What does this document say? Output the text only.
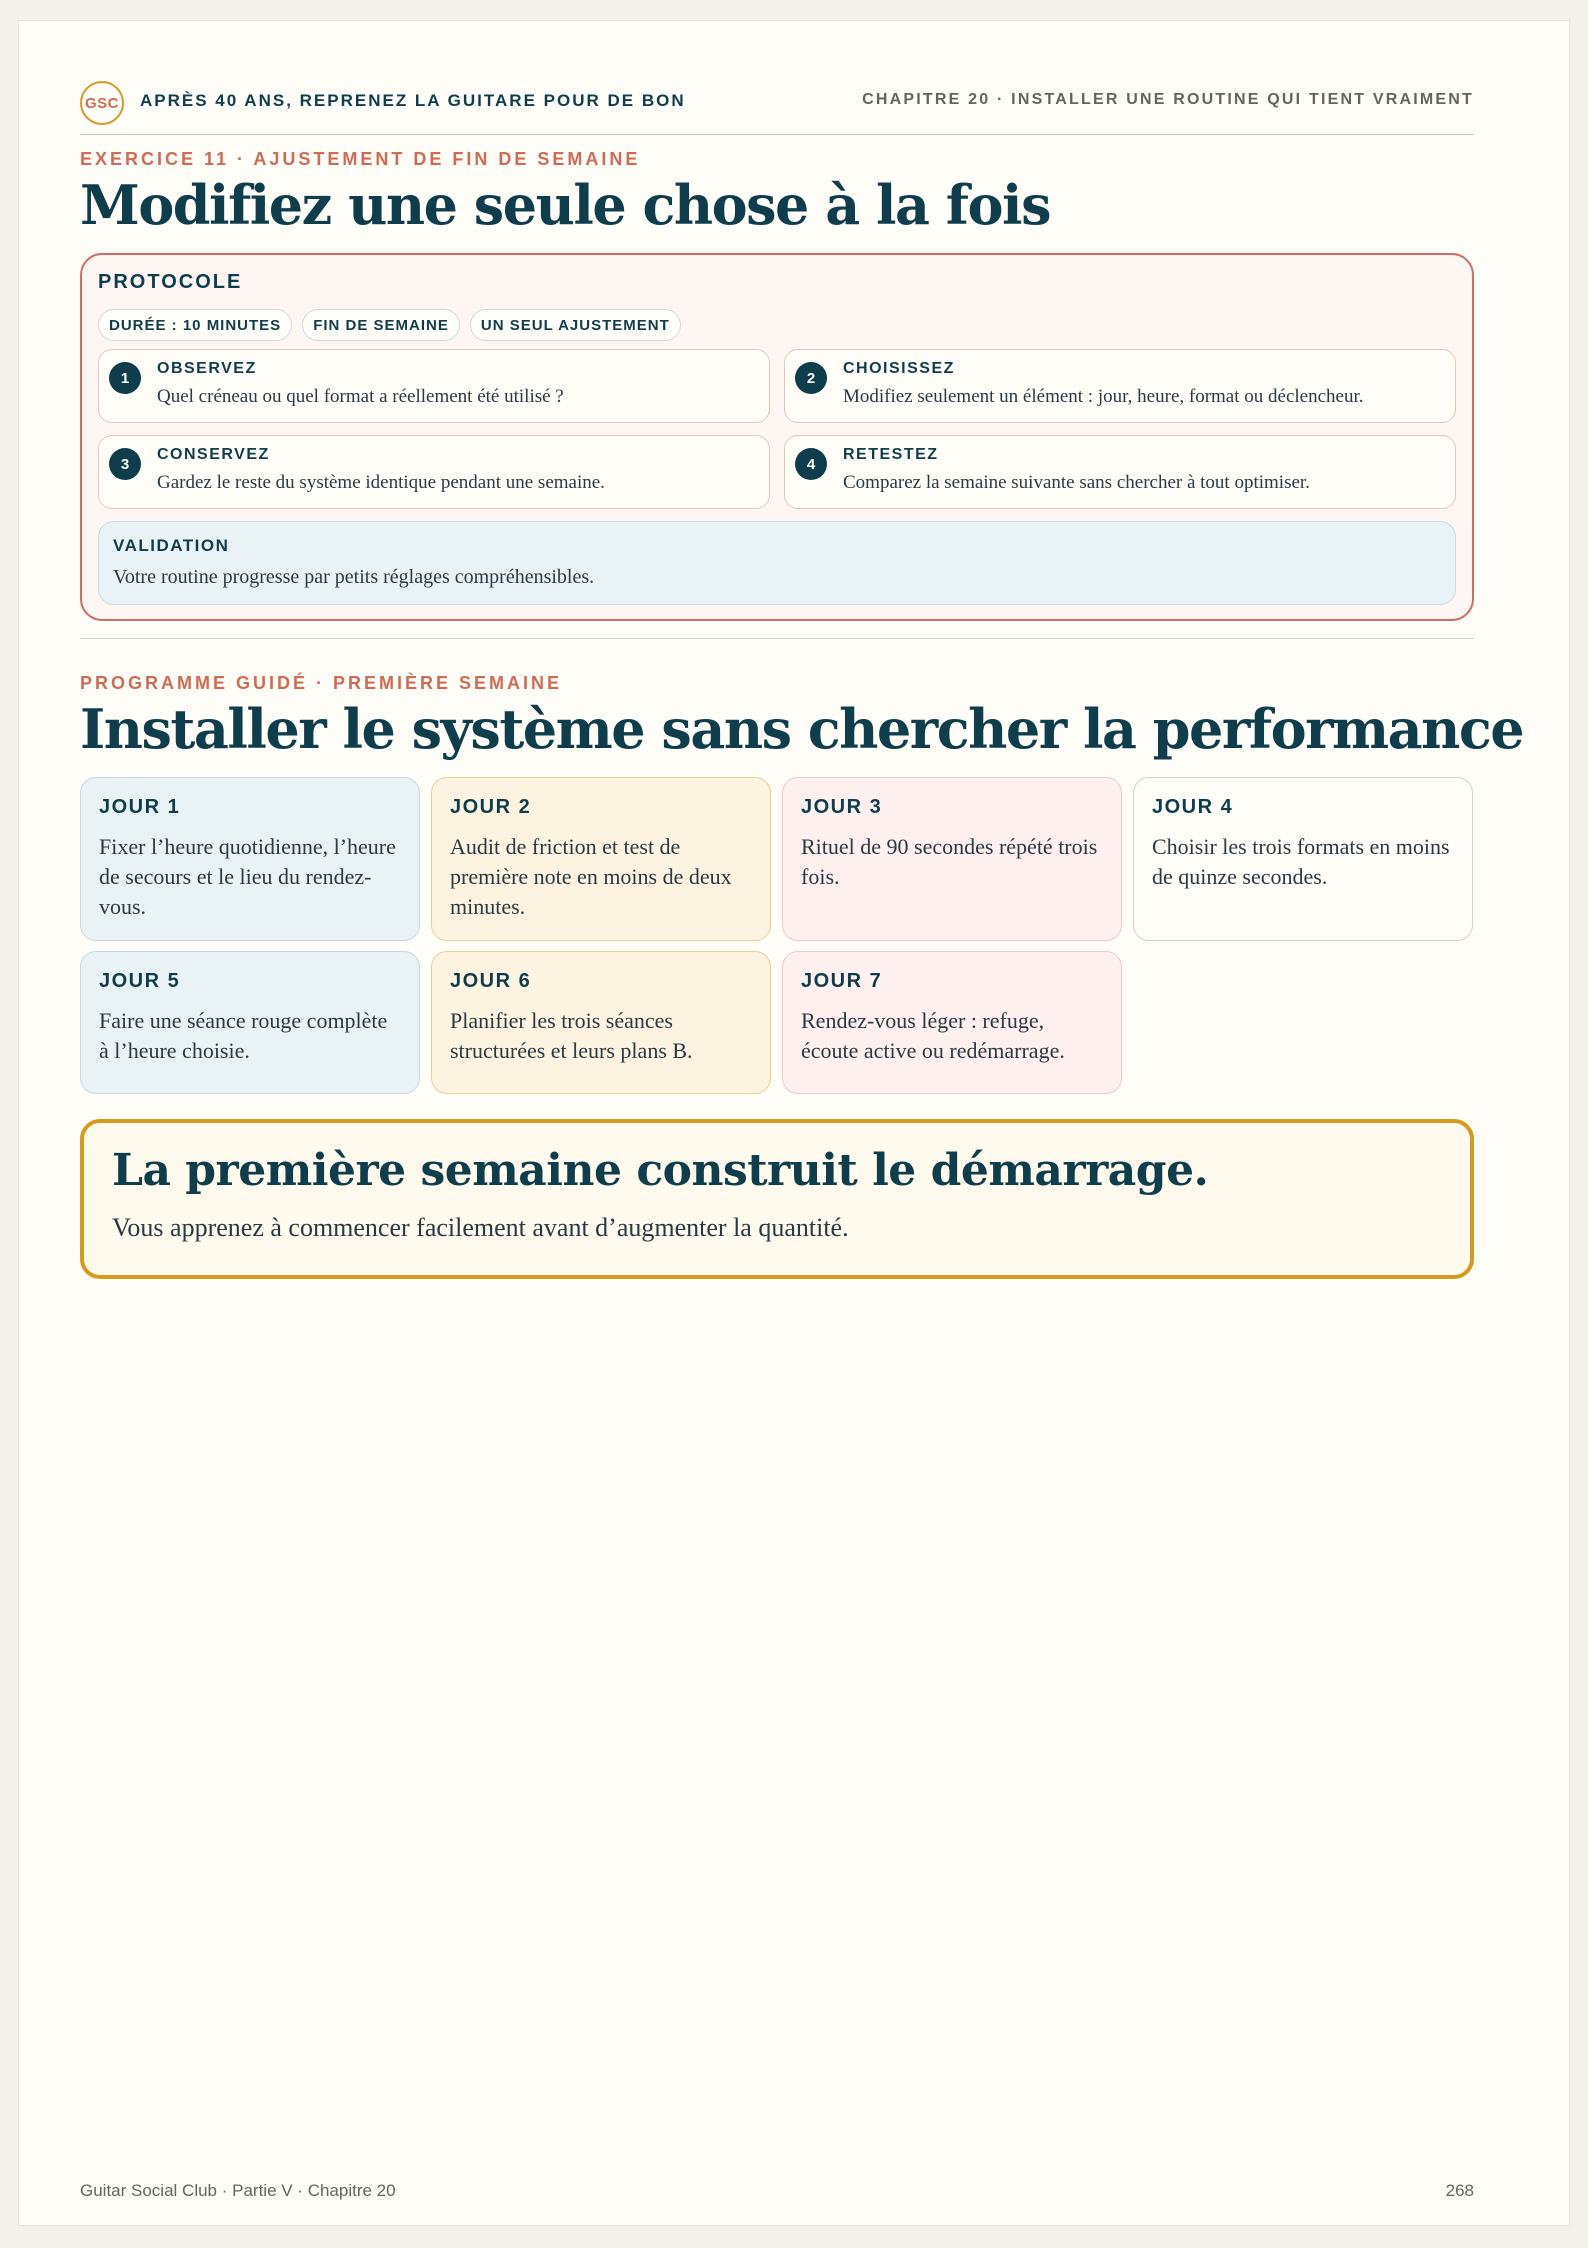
GSC APRÈS 40 ANS, REPRENEZ LA GUITARE POUR DE BON	CHAPITRE 20 · INSTALLER UNE ROUTINE QUI TIENT VRAIMENT
EXERCICE 11 · AJUSTEMENT DE FIN DE SEMAINE
Modifiez une seule chose à la fois
PROTOCOLE
DURÉE : 10 MINUTES	FIN DE SEMAINE	UN SEUL AJUSTEMENT
1
OBSERVEZ
Quel créneau ou quel format a réellement été utilisé ?
2
CHOISISSEZ
Modifiez seulement un élément : jour, heure, format ou déclencheur.
3
CONSERVEZ
Gardez le reste du système identique pendant une semaine.
4
RETESTEZ
Comparez la semaine suivante sans chercher à tout optimiser.
VALIDATION
Votre routine progresse par petits réglages compréhensibles.
PROGRAMME GUIDÉ · PREMIÈRE SEMAINE
Installer le système sans chercher la performance
JOUR 1
Fixer l’heure quotidienne, l’heure de secours et le lieu du rendez-vous.
JOUR 2
Audit de friction et test de première note en moins de deux minutes.
JOUR 3
Rituel de 90 secondes répété trois fois.
JOUR 4
Choisir les trois formats en moins de quinze secondes.
JOUR 5
Faire une séance rouge complète à l’heure choisie.
JOUR 6
Planifier les trois séances structurées et leurs plans B.
JOUR 7
Rendez-vous léger : refuge, écoute active ou redémarrage.
La première semaine construit le démarrage.
Vous apprenez à commencer facilement avant d’augmenter la quantité.
Guitar Social Club · Partie V · Chapitre 20	268
